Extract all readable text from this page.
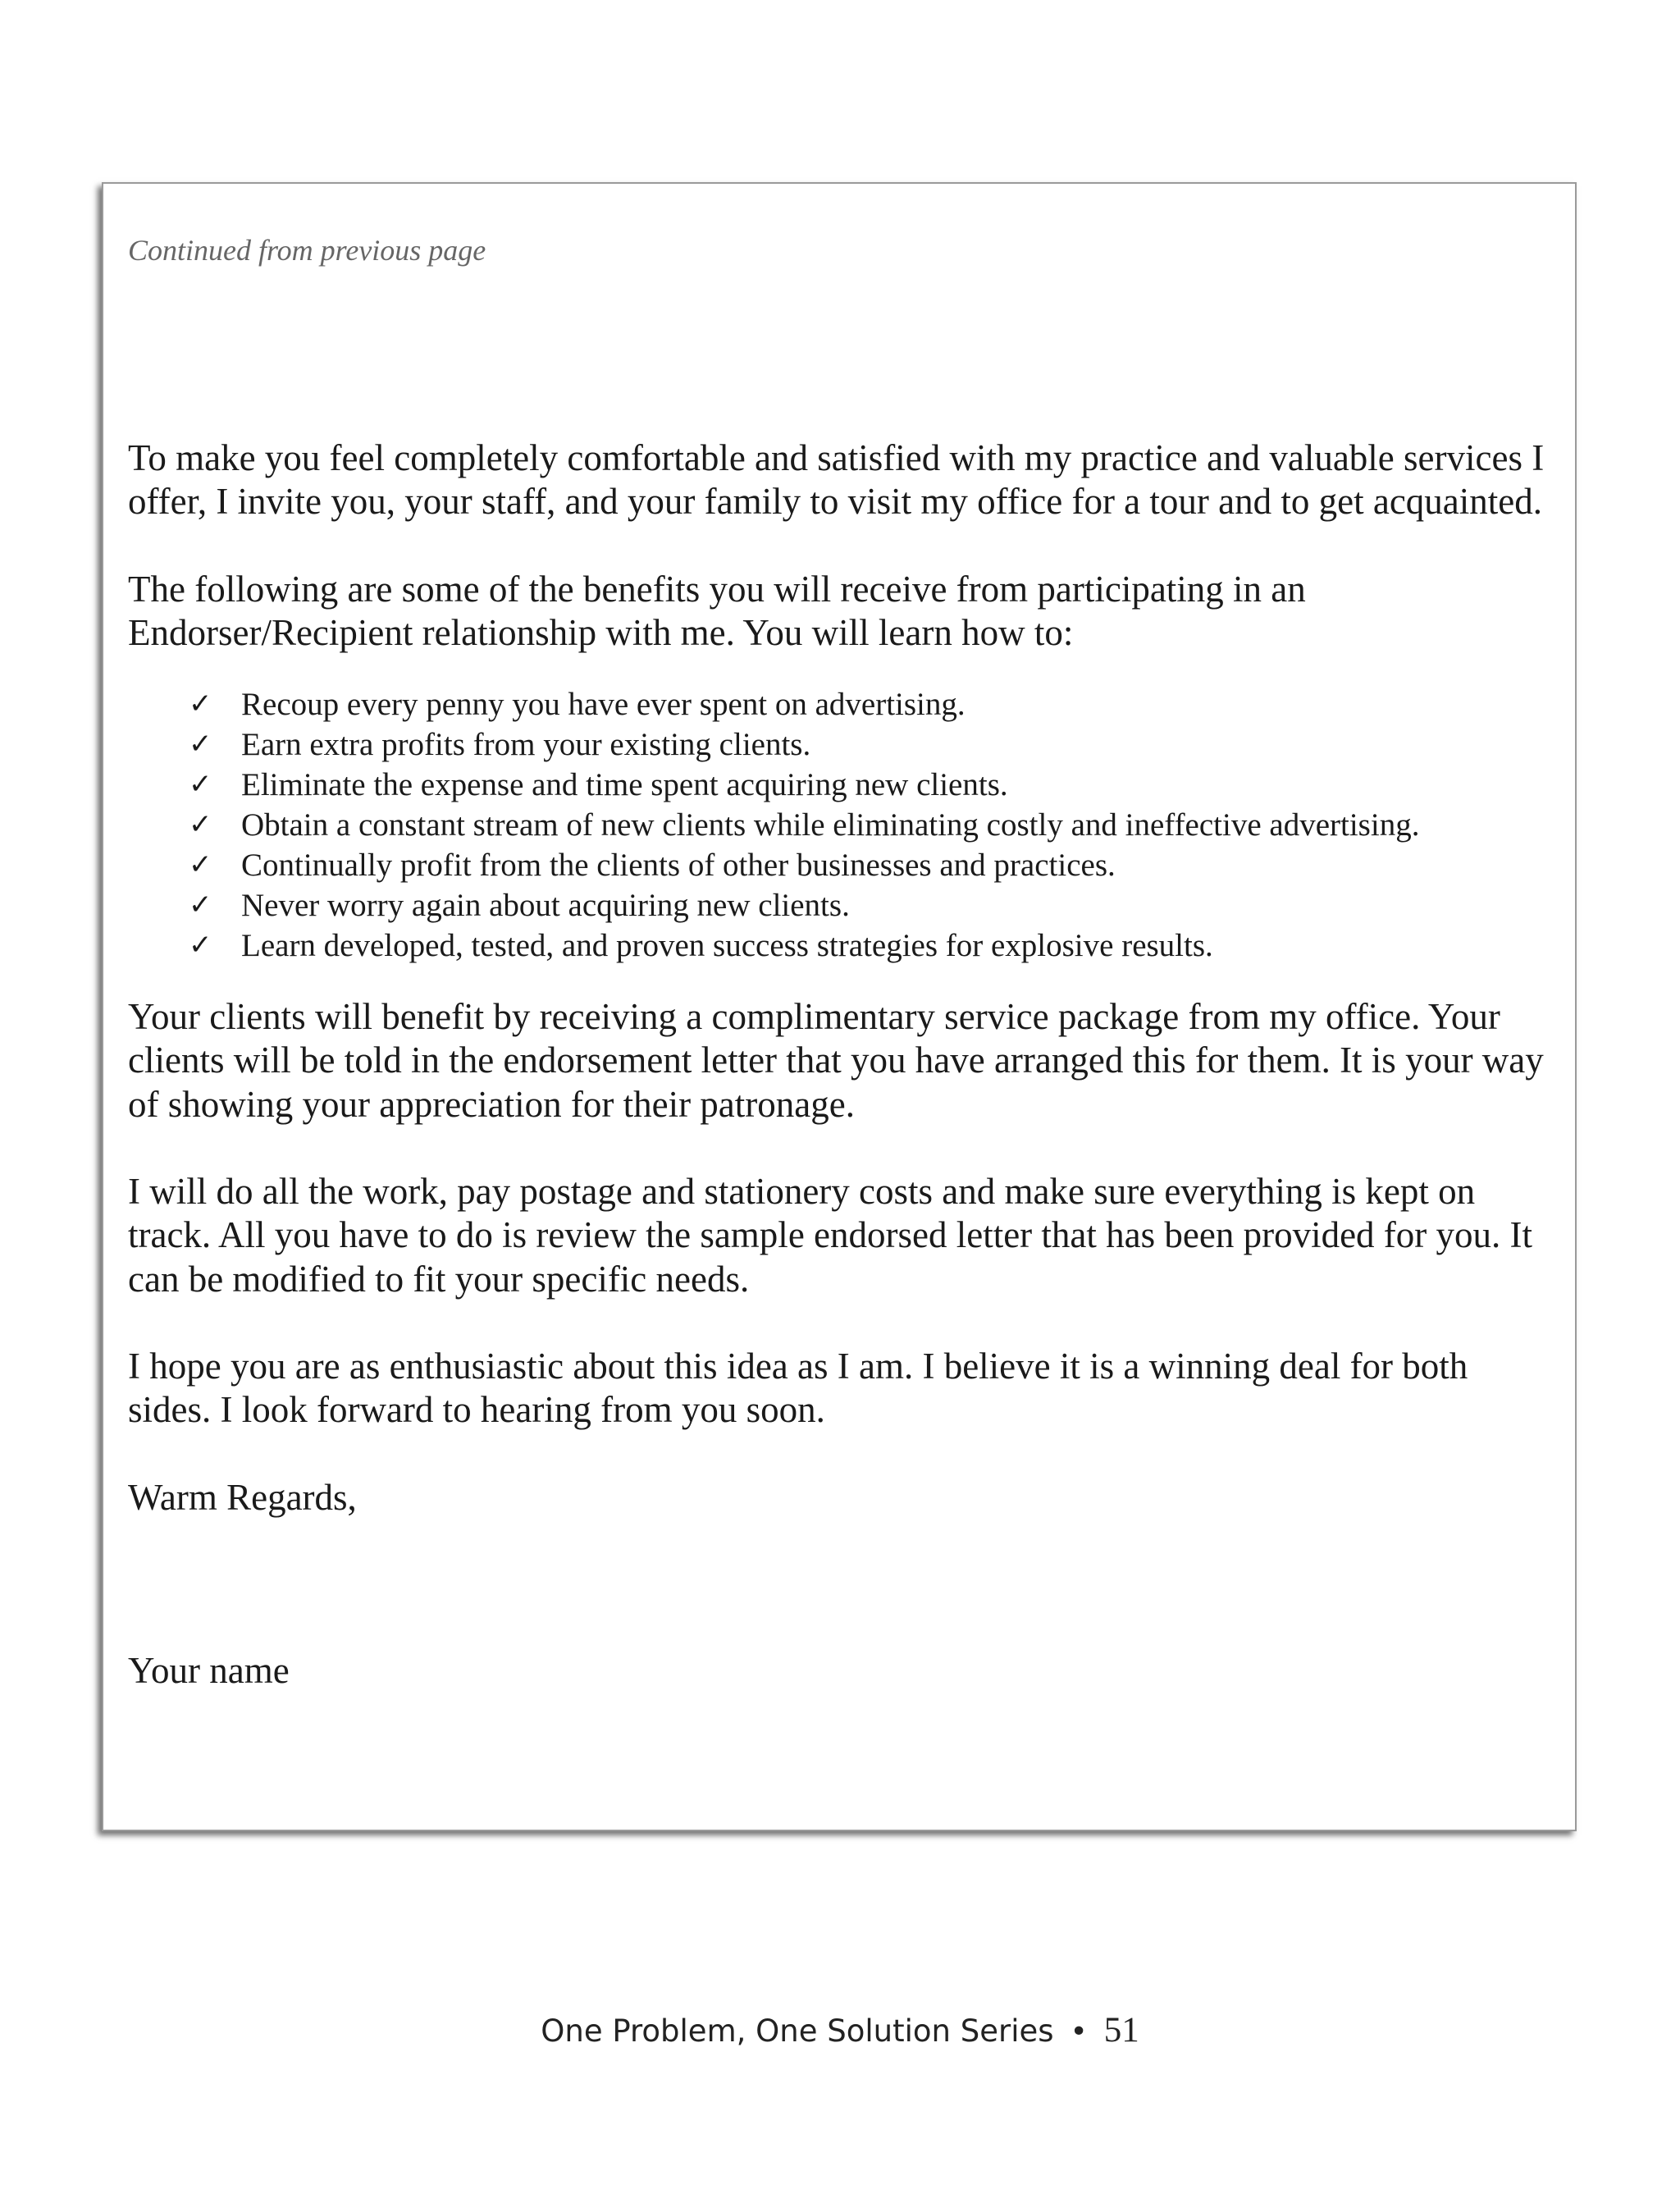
Continued from previous page

To make you feel completely comfortable and satisfied with my practice and valuable services I offer, I invite you, your staff, and your family to visit my office for a tour and to get acquainted.

The following are some of the benefits you will receive from participating in an Endorser/Recipient relationship with me. You will learn how to:

✓ Recoup every penny you have ever spent on advertising.
✓ Earn extra profits from your existing clients.
✓ Eliminate the expense and time spent acquiring new clients.
✓ Obtain a constant stream of new clients while eliminating costly and ineffective advertising.
✓ Continually profit from the clients of other businesses and practices.
✓ Never worry again about acquiring new clients.
✓ Learn developed, tested, and proven success strategies for explosive results.

Your clients will benefit by receiving a complimentary service package from my office. Your clients will be told in the endorsement letter that you have arranged this for them. It is your way of showing your appreciation for their patronage.

I will do all the work, pay postage and stationery costs and make sure everything is kept on track. All you have to do is review the sample endorsed letter that has been provided for you. It can be modified to fit your specific needs.

I hope you are as enthusiastic about this idea as I am. I believe it is a winning deal for both sides. I look forward to hearing from you soon.

Warm Regards,

Your name

One Problem, One Solution Series • 51
